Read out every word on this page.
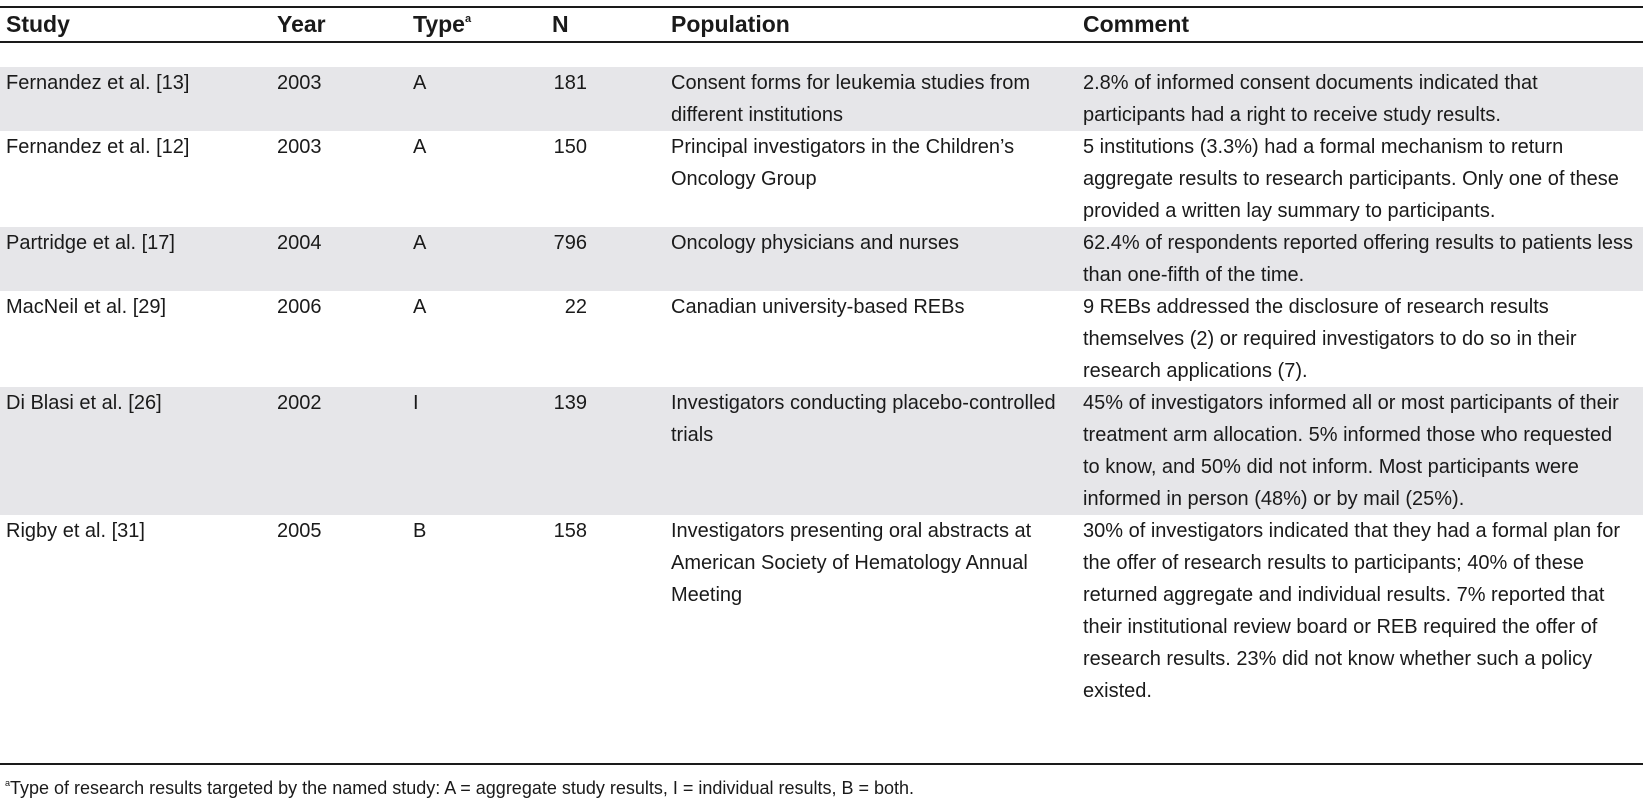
Study	Year	Type$^a$	N	Population	Comment

Fernandez et al. [13]	2003	A	181	Consent forms for leukemia studies from different institutions	2.8% of informed consent documents indicated that participants had a right to receive study results.
Fernandez et al. [12]	2003	A	150	Principal investigators in the Children’s Oncology Group	5 institutions (3.3%) had a formal mechanism to return aggregate results to research participants. Only one of these provided a written lay summary to participants.
Partridge et al. [17]	2004	A	796	Oncology physicians and nurses	62.4% of respondents reported offering results to patients less than one-fifth of the time.
MacNeil et al. [29]	2006	A	22	Canadian university-based REBs	9 REBs addressed the disclosure of research results themselves (2) or required investigators to do so in their research applications (7).
Di Blasi et al. [26]	2002	I	139	Investigators conducting placebo-controlled trials	45% of investigators informed all or most participants of their treatment arm allocation. 5% informed those who requested to know, and 50% did not inform. Most participants were informed in person (48%) or by mail (25%).
Rigby et al. [31]	2005	B	158	Investigators presenting oral abstracts at American Society of Hematology Annual Meeting	30% of investigators indicated that they had a formal plan for the offer of research results to participants; 40% of these returned aggregate and individual results. 7% reported that their institutional review board or REB required the offer of research results. 23% did not know whether such a policy existed.
$^a$Type of research results targeted by the named study: A = aggregate study results, I = individual results, B = both.
